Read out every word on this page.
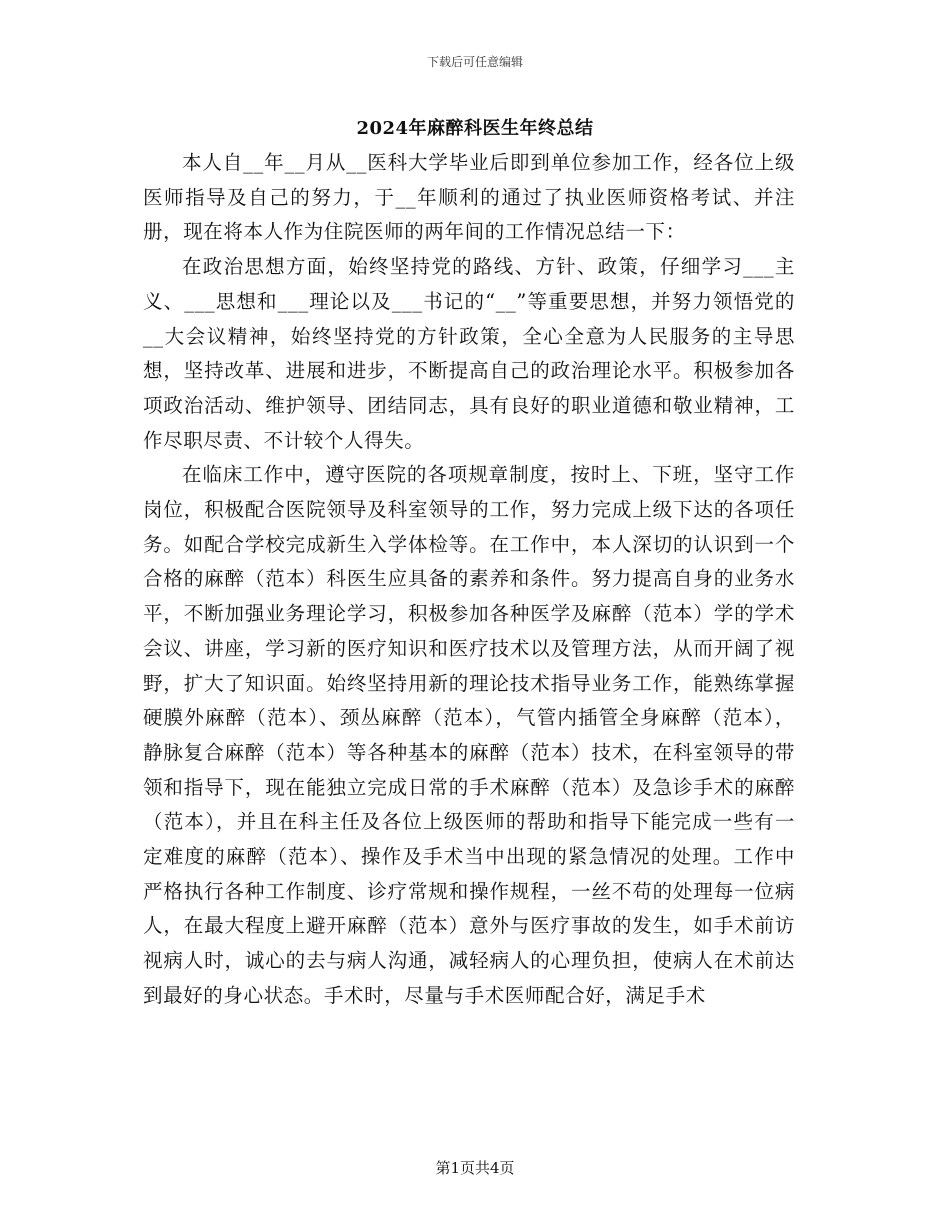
下载后可任意编辑
2024年麻醉科医生年终总结

本人自__年__月从__医科大学毕业后即到单位参加工作，经各位上级医师指导及自己的努力，于__年顺利的通过了执业医师资格考试、并注册，现在将本人作为住院医师的两年间的工作情况总结一下：

在政治思想方面，始终坚持党的路线、方针、政策，仔细学习___主义、___思想和___理论以及___书记的“__”等重要思想，并努力领悟党的__大会议精神，始终坚持党的方针政策，全心全意为人民服务的主导思想，坚持改革、进展和进步，不断提高自己的政治理论水平。积极参加各项政治活动、维护领导、团结同志，具有良好的职业道德和敬业精神，工作尽职尽责、不计较个人得失。

在临床工作中，遵守医院的各项规章制度，按时上、下班，坚守工作岗位，积极配合医院领导及科室领导的工作，努力完成上级下达的各项任务。如配合学校完成新生入学体检等。在工作中，本人深切的认识到一个合格的麻醉（范本）科医生应具备的素养和条件。努力提高自身的业务水平，不断加强业务理论学习，积极参加各种医学及麻醉（范本）学的学术会议、讲座，学习新的医疗知识和医疗技术以及管理方法，从而开阔了视野，扩大了知识面。始终坚持用新的理论技术指导业务工作，能熟练掌握硬膜外麻醉（范本）、颈丛麻醉（范本），气管内插管全身麻醉（范本），静脉复合麻醉（范本）等各种基本的麻醉（范本）技术，在科室领导的带领和指导下，现在能独立完成日常的手术麻醉（范本）及急诊手术的麻醉（范本），并且在科主任及各位上级医师的帮助和指导下能完成一些有一定难度的麻醉（范本）、操作及手术当中出现的紧急情况的处理。工作中严格执行各种工作制度、诊疗常规和操作规程，一丝不苟的处理每一位病人，在最大程度上避开麻醉（范本）意外与医疗事故的发生，如手术前访视病人时，诚心的去与病人沟通，减轻病人的心理负担，使病人在术前达到最好的身心状态。手术时，尽量与手术医师配合好，满足手术

第1页共4页
